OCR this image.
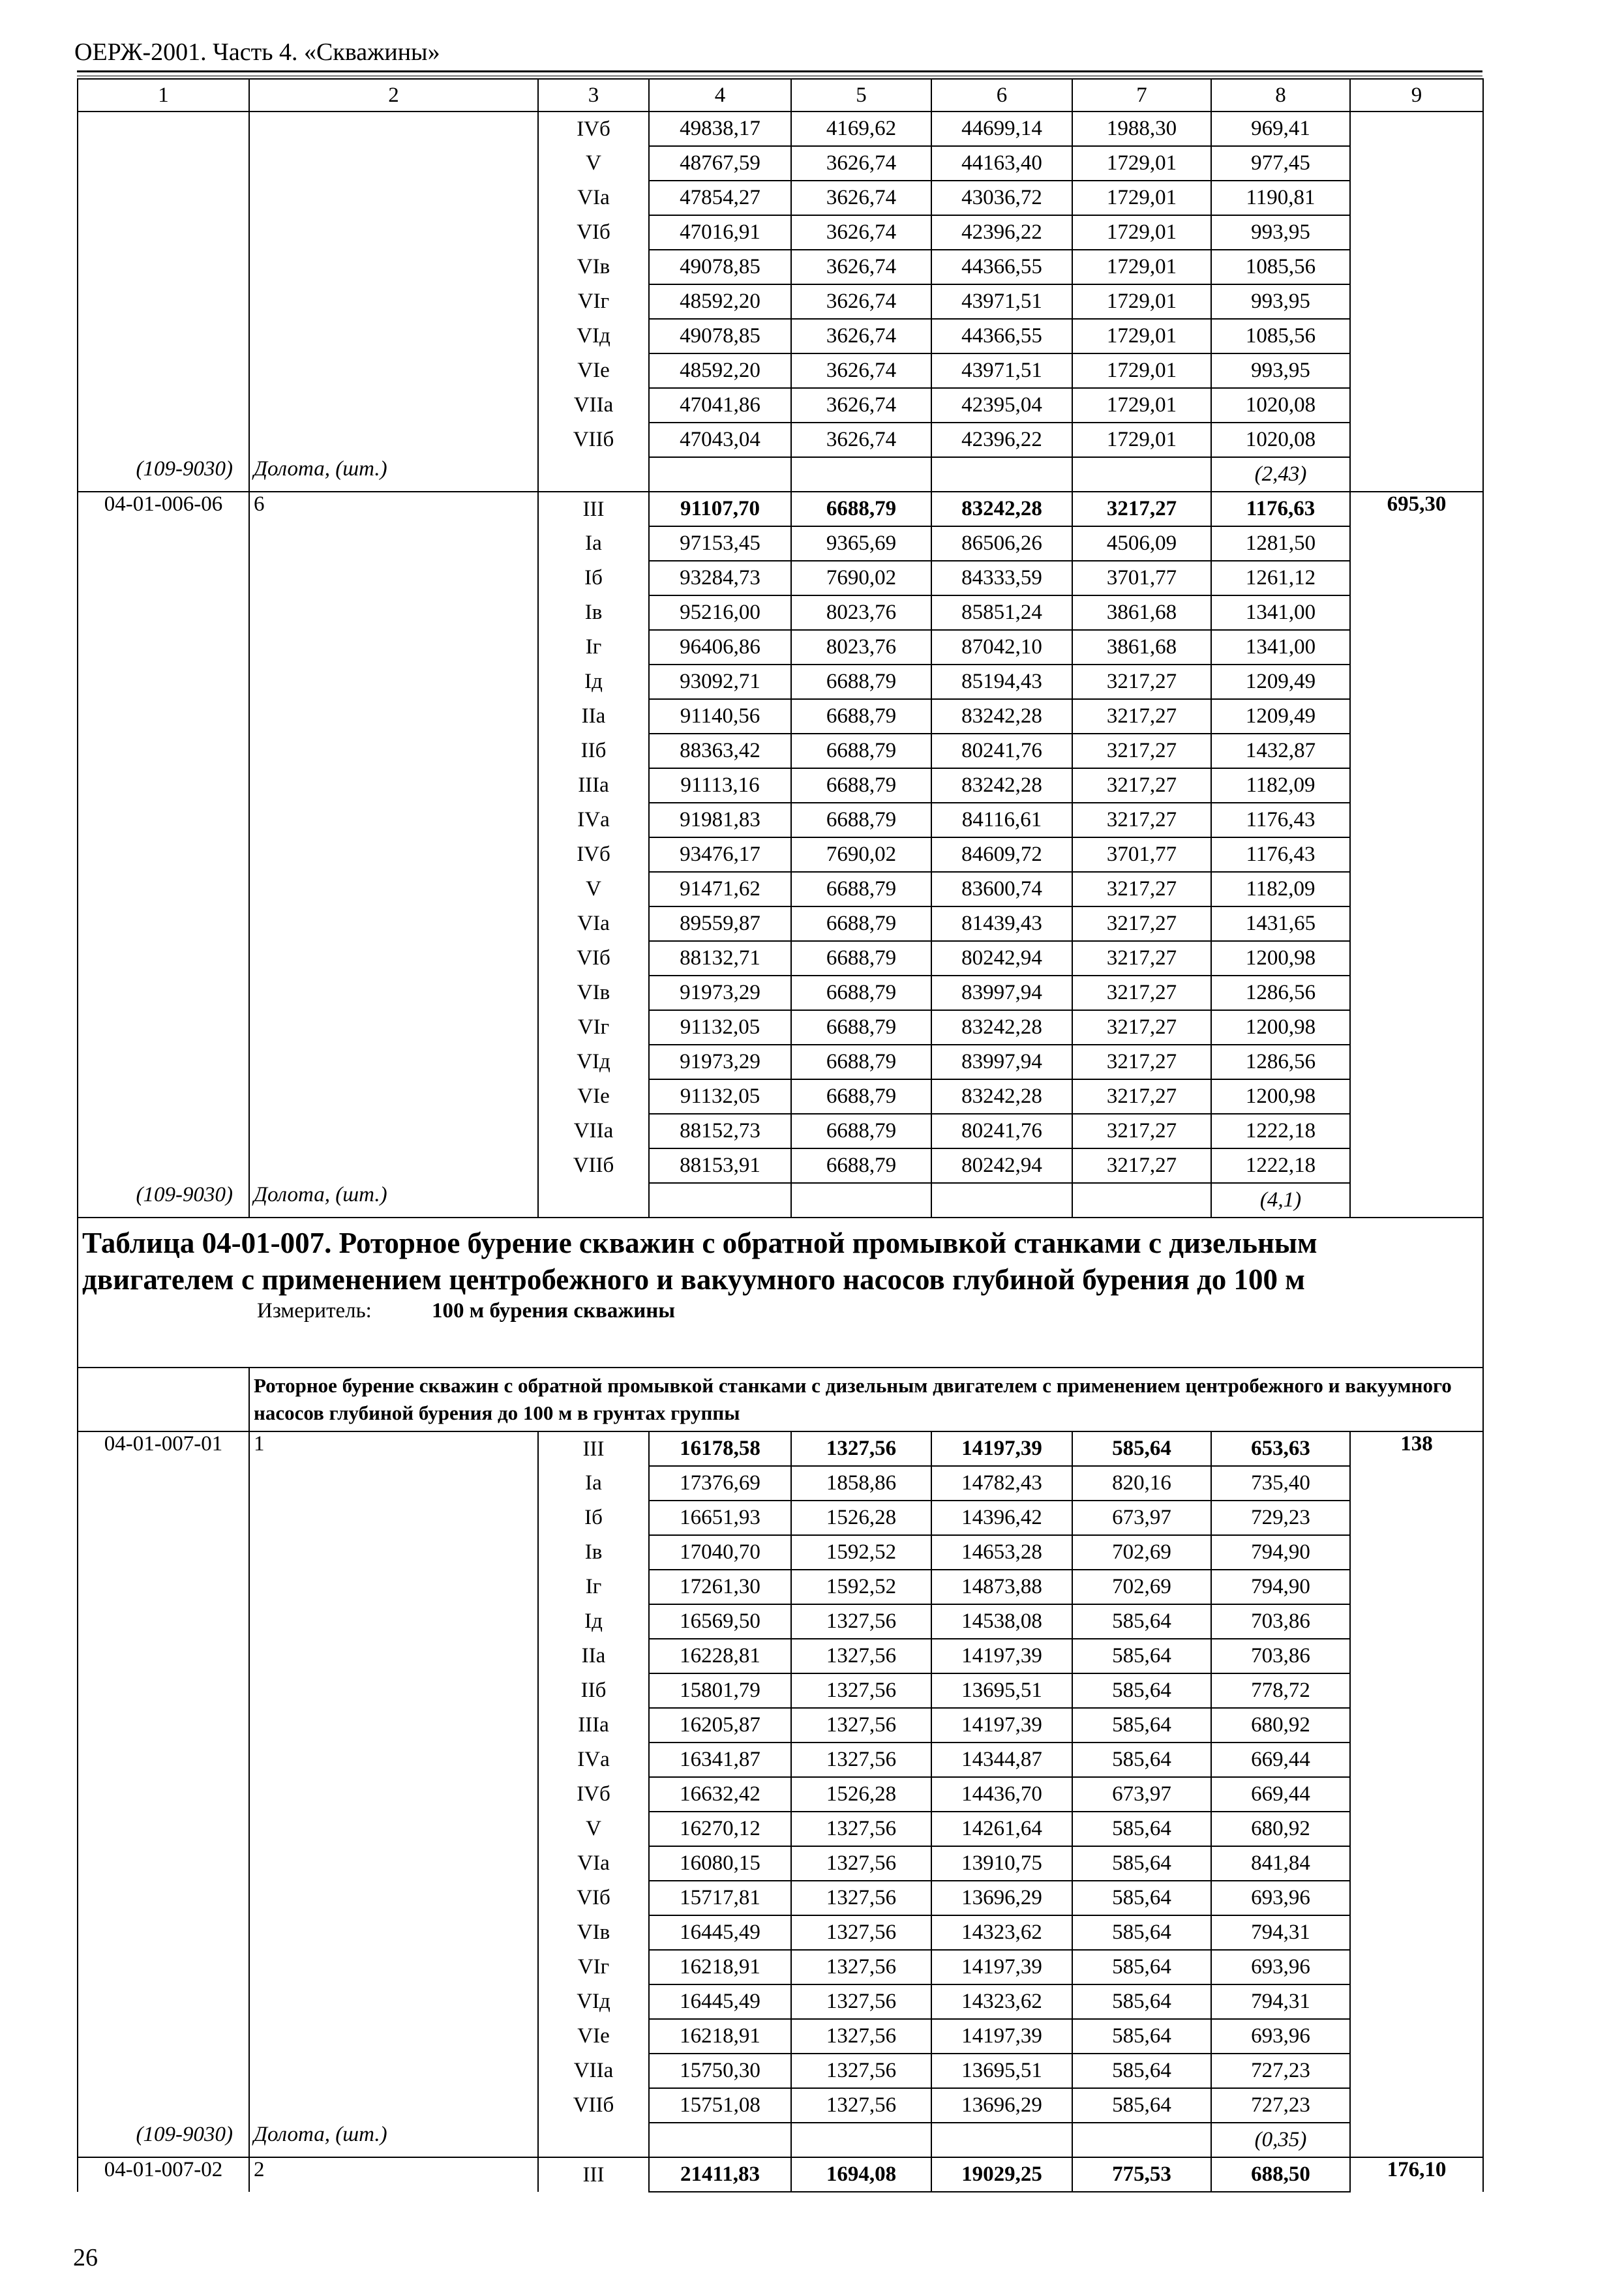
ОЕРЖ-2001. Часть 4. «Скважины»
1	2	3	4	5	6	7	8	9
		IVб	49838,17	4169,62	44699,14	1988,30	969,41	
		V	48767,59	3626,74	44163,40	1729,01	977,45	
		VIа	47854,27	3626,74	43036,72	1729,01	1190,81	
		VIб	47016,91	3626,74	42396,22	1729,01	993,95	
		VIв	49078,85	3626,74	44366,55	1729,01	1085,56	
		VIг	48592,20	3626,74	43971,51	1729,01	993,95	
		VIд	49078,85	3626,74	44366,55	1729,01	1085,56	
		VIе	48592,20	3626,74	43971,51	1729,01	993,95	
		VIIа	47041,86	3626,74	42395,04	1729,01	1020,08	
		VIIб	47043,04	3626,74	42396,22	1729,01	1020,08	
(109-9030)	Долота, (шт.)						(2,43)	
04-01-006-06	6	III	91107,70	6688,79	83242,28	3217,27	1176,63	695,30
		Iа	97153,45	9365,69	86506,26	4506,09	1281,50	
		Iб	93284,73	7690,02	84333,59	3701,77	1261,12	
		Iв	95216,00	8023,76	85851,24	3861,68	1341,00	
		Iг	96406,86	8023,76	87042,10	3861,68	1341,00	
		Iд	93092,71	6688,79	85194,43	3217,27	1209,49	
		IIа	91140,56	6688,79	83242,28	3217,27	1209,49	
		IIб	88363,42	6688,79	80241,76	3217,27	1432,87	
		IIIа	91113,16	6688,79	83242,28	3217,27	1182,09	
		IVа	91981,83	6688,79	84116,61	3217,27	1176,43	
		IVб	93476,17	7690,02	84609,72	3701,77	1176,43	
		V	91471,62	6688,79	83600,74	3217,27	1182,09	
		VIа	89559,87	6688,79	81439,43	3217,27	1431,65	
		VIб	88132,71	6688,79	80242,94	3217,27	1200,98	
		VIв	91973,29	6688,79	83997,94	3217,27	1286,56	
		VIг	91132,05	6688,79	83242,28	3217,27	1200,98	
		VIд	91973,29	6688,79	83997,94	3217,27	1286,56	
		VIе	91132,05	6688,79	83242,28	3217,27	1200,98	
		VIIа	88152,73	6688,79	80241,76	3217,27	1222,18	
		VIIб	88153,91	6688,79	80242,94	3217,27	1222,18	
(109-9030)	Долота, (шт.)						(4,1)	

Таблица 04-01-007. Роторное бурение скважин с обратной промывкой станками с дизельным двигателем с применением центробежного и вакуумного насосов глубиной бурения до 100 м
Измеритель: 100 м бурения скважины								

	Роторное бурение скважин с обратной промывкой станками с дизельным двигателем с применением центробежного и вакуумного насосов глубиной бурения до 100 м в грунтах группы							
04-01-007-01	1	III	16178,58	1327,56	14197,39	585,64	653,63	138
		Iа	17376,69	1858,86	14782,43	820,16	735,40	
		Iб	16651,93	1526,28	14396,42	673,97	729,23	
		Iв	17040,70	1592,52	14653,28	702,69	794,90	
		Iг	17261,30	1592,52	14873,88	702,69	794,90	
		Iд	16569,50	1327,56	14538,08	585,64	703,86	
		IIа	16228,81	1327,56	14197,39	585,64	703,86	
		IIб	15801,79	1327,56	13695,51	585,64	778,72	
		IIIа	16205,87	1327,56	14197,39	585,64	680,92	
		IVа	16341,87	1327,56	14344,87	585,64	669,44	
		IVб	16632,42	1526,28	14436,70	673,97	669,44	
		V	16270,12	1327,56	14261,64	585,64	680,92	
		VIа	16080,15	1327,56	13910,75	585,64	841,84	
		VIб	15717,81	1327,56	13696,29	585,64	693,96	
		VIв	16445,49	1327,56	14323,62	585,64	794,31	
		VIг	16218,91	1327,56	14197,39	585,64	693,96	
		VIд	16445,49	1327,56	14323,62	585,64	794,31	
		VIе	16218,91	1327,56	14197,39	585,64	693,96	
		VIIа	15750,30	1327,56	13695,51	585,64	727,23	
		VIIб	15751,08	1327,56	13696,29	585,64	727,23	
(109-9030)	Долота, (шт.)						(0,35)	
04-01-007-02	2	III	21411,83	1694,08	19029,25	775,53	688,50	176,10
26
